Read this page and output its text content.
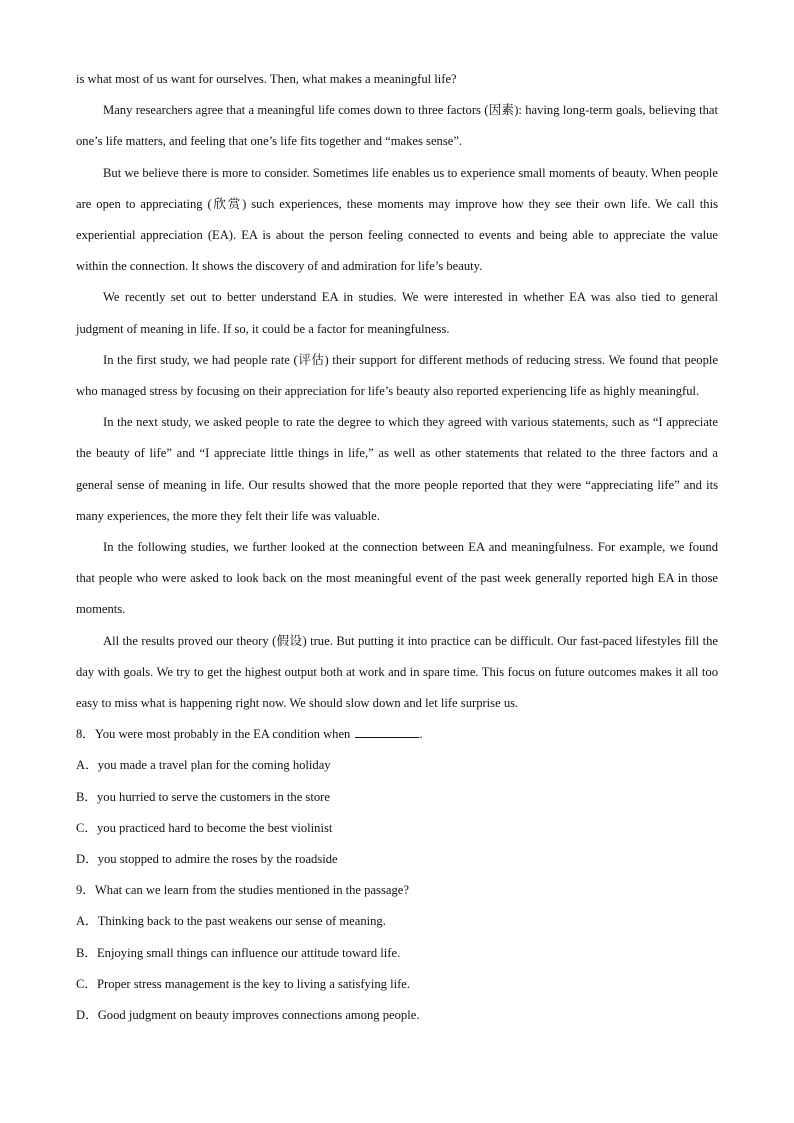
is what most of us want for ourselves. Then, what makes a meaningful life?

Many researchers agree that a meaningful life comes down to three factors (因素): having long-term goals, believing that one’s life matters, and feeling that one’s life fits together and “makes sense”.

But we believe there is more to consider. Sometimes life enables us to experience small moments of beauty. When people are open to appreciating (欣赏) such experiences, these moments may improve how they see their own life. We call this experiential appreciation (EA). EA is about the person feeling connected to events and being able to appreciate the value within the connection. It shows the discovery of and admiration for life’s beauty.

We recently set out to better understand EA in studies. We were interested in whether EA was also tied to general judgment of meaning in life. If so, it could be a factor for meaningfulness.

In the first study, we had people rate (评估) their support for different methods of reducing stress. We found that people who managed stress by focusing on their appreciation for life’s beauty also reported experiencing life as highly meaningful.

In the next study, we asked people to rate the degree to which they agreed with various statements, such as “I appreciate the beauty of life” and “I appreciate little things in life,” as well as other statements that related to the three factors and a general sense of meaning in life. Our results showed that the more people reported that they were “appreciating life” and its many experiences, the more they felt their life was valuable.

In the following studies, we further looked at the connection between EA and meaningfulness. For example, we found that people who were asked to look back on the most meaningful event of the past week generally reported high EA in those moments.

All the results proved our theory (假设) true. But putting it into practice can be difficult. Our fast-paced lifestyles fill the day with goals. We try to get the highest output both at work and in spare time. This focus on future outcomes makes it all too easy to miss what is happening right now. We should slow down and let life surprise us.

8．You were most probably in the EA condition when	.

A．you made a travel plan for the coming holiday

B．you hurried to serve the customers in the store

C．you practiced hard to become the best violinist

D．you stopped to admire the roses by the roadside

9．What can we learn from the studies mentioned in the passage?

A．Thinking back to the past weakens our sense of meaning.

B．Enjoying small things can influence our attitude toward life.

C．Proper stress management is the key to living a satisfying life.

D．Good judgment on beauty improves connections among people.
